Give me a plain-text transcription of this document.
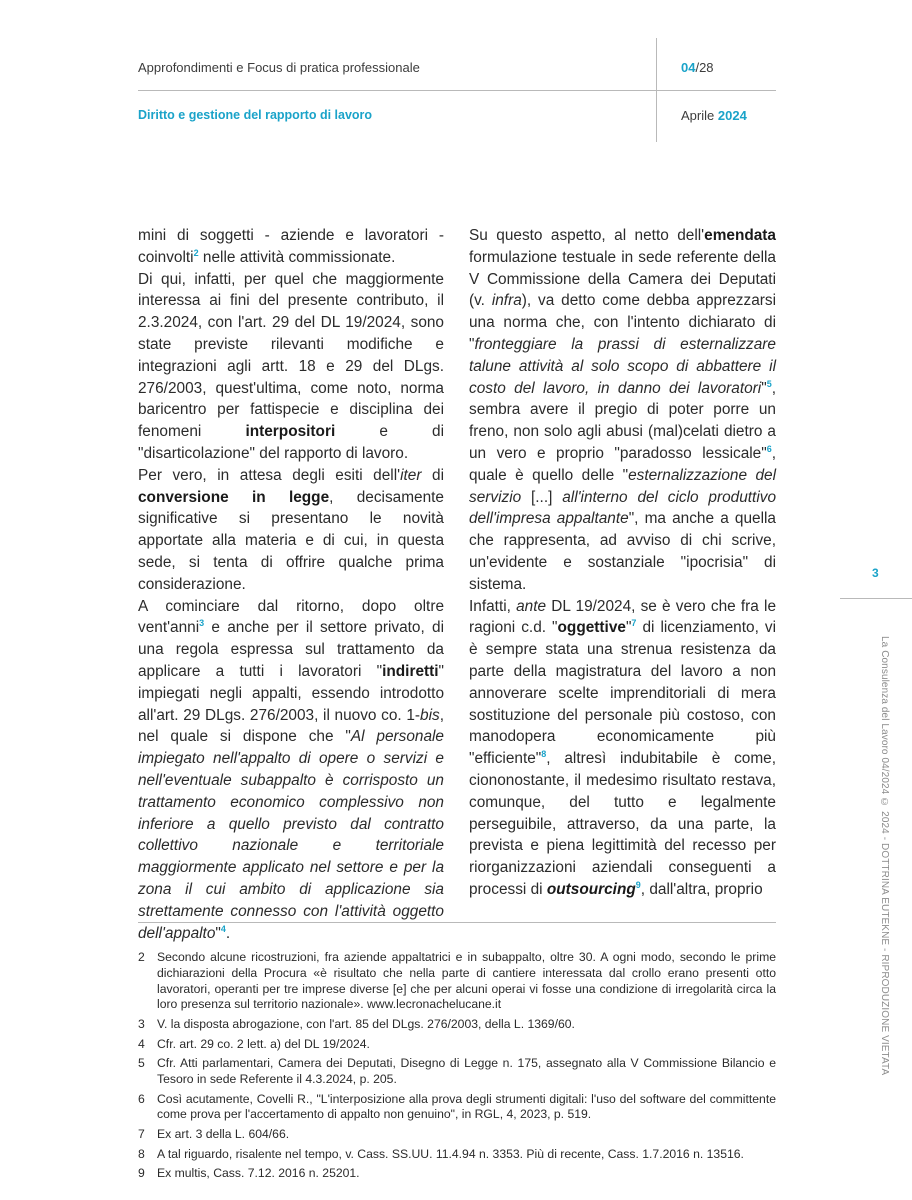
Approfondimenti e Focus di pratica professionale	04/28
Diritto e gestione del rapporto di lavoro	Aprile 2024

mini di soggetti - aziende e lavoratori - coinvolti$^2$ nelle attività commissionate.

Di qui, infatti, per quel che maggiormente interessa ai fini del presente contributo, il 2.3.2024, con l'art. 29 del DL 19/2024, sono state previste rilevanti modifiche e integrazioni agli artt. 18 e 29 del DLgs. 276/2003, quest'ultima, come noto, norma baricentro per fattispecie e disciplina dei fenomeni interpositori e di "disarticolazione" del rapporto di lavoro.

Per vero, in attesa degli esiti dell'iter di conversione in legge, decisamente significative si presentano le novità apportate alla materia e di cui, in questa sede, si tenta di offrire qualche prima considerazione.

A cominciare dal ritorno, dopo oltre vent'anni$^3$ e anche per il settore privato, di una regola espressa sul trattamento da applicare a tutti i lavoratori "indiretti" impiegati negli appalti, essendo introdotto all'art. 29 DLgs. 276/2003, il nuovo co. 1-bis, nel quale si dispone che "Al personale impiegato nell'appalto di opere o servizi e nell'eventuale subappalto è corrisposto un trattamento economico complessivo non inferiore a quello previsto dal contratto collettivo nazionale e territoriale maggiormente applicato nel settore e per la zona il cui ambito di applicazione sia strettamente connesso con l'attività oggetto dell'appalto"$^4$.

Su questo aspetto, al netto dell'emendata formulazione testuale in sede referente della V Commissione della Camera dei Deputati (v. infra), va detto come debba apprezzarsi una norma che, con l'intento dichiarato di "fronteggiare la prassi di esternalizzare talune attività al solo scopo di abbattere il costo del lavoro, in danno dei lavoratori"$^5$, sembra avere il pregio di poter porre un freno, non solo agli abusi (mal)celati dietro a un vero e proprio "paradosso lessicale"$^6$, quale è quello delle "esternalizzazione del servizio [...] all'interno del ciclo produttivo dell'impresa appaltante", ma anche a quella che rappresenta, ad avviso di chi scrive, un'evidente e sostanziale "ipocrisia" di sistema.

Infatti, ante DL 19/2024, se è vero che fra le ragioni c.d. "oggettive"$^7$ di licenziamento, vi è sempre stata una strenua resistenza da parte della magistratura del lavoro a non annoverare scelte imprenditoriali di mera sostituzione del personale più costoso, con manodopera economicamente più "efficiente"$^8$, altresì indubitabile è come, ciononostante, il medesimo risultato restava, comunque, del tutto e legalmente perseguibile, attraverso, da una parte, la prevista e piena legittimità del recesso per riorganizzazioni aziendali conseguenti a processi di outsourcing$^9$, dall'altra, proprio

3
La Consulenza del Lavoro 04/2024 © 2024 - DOTTRINA EUTEKNE - RIPRODUZIONE VIETATA
2	Secondo alcune ricostruzioni, fra aziende appaltatrici e in subappalto, oltre 30. A ogni modo, secondo le prime dichiarazioni della Procura «è risultato che nella parte di cantiere interessata dal crollo erano presenti otto lavoratori, operanti per tre imprese diverse [e] che per alcuni operai vi fosse una condizione di irregolarità circa la loro presenza sul territorio nazionale». www.lecronachelucane.it
3	V. la disposta abrogazione, con l'art. 85 del DLgs. 276/2003, della L. 1369/60.
4	Cfr. art. 29 co. 2 lett. a) del DL 19/2024.
5	Cfr. Atti parlamentari, Camera dei Deputati, Disegno di Legge n. 175, assegnato alla V Commissione Bilancio e Tesoro in sede Referente il 4.3.2024, p. 205.
6	Così acutamente, Covelli R., "L'interposizione alla prova degli strumenti digitali: l'uso del software del committente come prova per l'accertamento di appalto non genuino", in RGL, 4, 2023, p. 519.
7	Ex art. 3 della L. 604/66.
8	A tal riguardo, risalente nel tempo, v. Cass. SS.UU. 11.4.94 n. 3353. Più di recente, Cass. 1.7.2016 n. 13516.
9	Ex multis, Cass. 7.12. 2016 n. 25201.
